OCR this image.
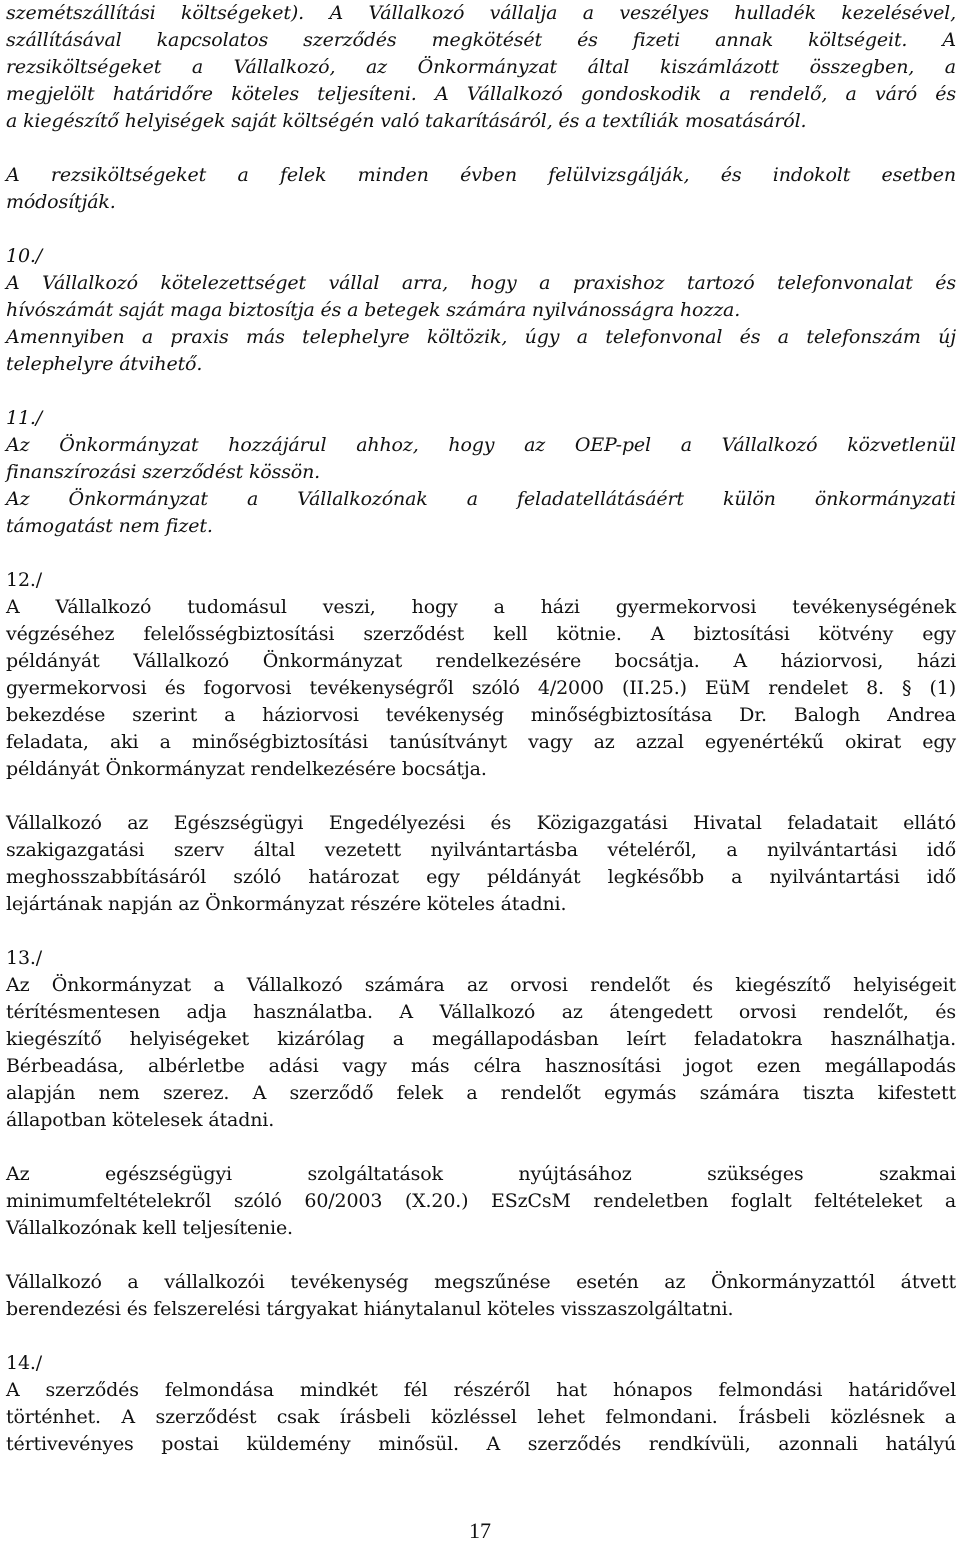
szemétszállítási költségeket). A Vállalkozó vállalja a veszélyes hulladék kezelésével,
szállításával kapcsolatos szerződés megkötését és fizeti annak költségeit. A
rezsiköltségeket a Vállalkozó, az Önkormányzat által kiszámlázott összegben, a
megjelölt határidőre köteles teljesíteni. A Vállalkozó gondoskodik a rendelő, a váró és
a kiegészítő helyiségek saját költségén való takarításáról, és a textíliák mosatásáról.

A rezsiköltségeket a felek minden évben felülvizsgálják, és indokolt esetben
módosítják.

10./

A Vállalkozó kötelezettséget vállal arra, hogy a praxishoz tartozó telefonvonalat és
hívószámát saját maga biztosítja és a betegek számára nyilvánosságra hozza.
Amennyiben a praxis más telephelyre költözik, úgy a telefonvonal és a telefonszám új
telephelyre átvihető.

11./

Az Önkormányzat hozzájárul ahhoz, hogy az OEP-pel a Vállalkozó közvetlenül
finanszírozási szerződést kössön.
Az Önkormányzat a Vállalkozónak a feladatellátásáért külön önkormányzati
támogatást nem fizet.

12./

A Vállalkozó tudomásul veszi, hogy a házi gyermekorvosi tevékenységének
végzéséhez felelősségbiztosítási szerződést kell kötnie. A biztosítási kötvény egy
példányát Vállalkozó Önkormányzat rendelkezésére bocsátja. A háziorvosi, házi
gyermekorvosi és fogorvosi tevékenységről szóló 4/2000 (II.25.) EüM rendelet 8. § (1)
bekezdése szerint a háziorvosi tevékenység minőségbiztosítása Dr. Balogh Andrea
feladata, aki a minőségbiztosítási tanúsítványt vagy az azzal egyenértékű okirat egy
példányát Önkormányzat rendelkezésére bocsátja.

Vállalkozó az Egészségügyi Engedélyezési és Közigazgatási Hivatal feladatait ellátó
szakigazgatási szerv által vezetett nyilvántartásba vételéről, a nyilvántartási idő
meghosszabbításáról szóló határozat egy példányát legkésőbb a nyilvántartási idő
lejártának napján az Önkormányzat részére köteles átadni.

13./

Az Önkormányzat a Vállalkozó számára az orvosi rendelőt és kiegészítő helyiségeit
térítésmentesen adja használatba. A Vállalkozó az átengedett orvosi rendelőt, és
kiegészítő helyiségeket kizárólag a megállapodásban leírt feladatokra használhatja.
Bérbeadása, albérletbe adási vagy más célra hasznosítási jogot ezen megállapodás
alapján nem szerez. A szerződő felek a rendelőt egymás számára tiszta kifestett
állapotban kötelesek átadni.

Az egészségügyi szolgáltatások nyújtásához szükséges szakmai
minimumfeltételekről szóló 60/2003 (X.20.) ESzCsM rendeletben foglalt feltételeket a
Vállalkozónak kell teljesítenie.

Vállalkozó a vállalkozói tevékenység megszűnése esetén az Önkormányzattól átvett
berendezési és felszerelési tárgyakat hiánytalanul köteles visszaszolgáltatni.

14./

A szerződés felmondása mindkét fél részéről hat hónapos felmondási határidővel
történhet. A szerződést csak írásbeli közléssel lehet felmondani. Írásbeli közlésnek a
tértivevényes postai küldemény minősül. A szerződés rendkívüli, azonnali hatályú

17
